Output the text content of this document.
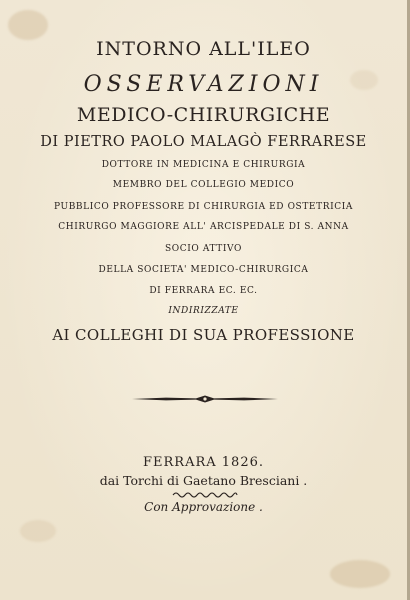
INTORNO ALL'ILEO
OSSERVAZIONI
MEDICO-CHIRURGICHE
DI PIETRO PAOLO MALAGÒ FERRARESE
DOTTORE IN MEDICINA E CHIRURGIA
MEMBRO DEL COLLEGIO MEDICO
PUBBLICO PROFESSORE DI CHIRURGIA ED OSTETRICIA
CHIRURGO MAGGIORE ALL' ARCISPEDALE DI S. ANNA
SOCIO ATTIVO
DELLA SOCIETA' MEDICO-CHIRURGICA
DI FERRARA EC. EC.
INDIRIZZATE
AI COLLEGHI DI SUA PROFESSIONE
FERRARA 1826.
dai Torchi di Gaetano Bresciani .
Con Approvazione .
